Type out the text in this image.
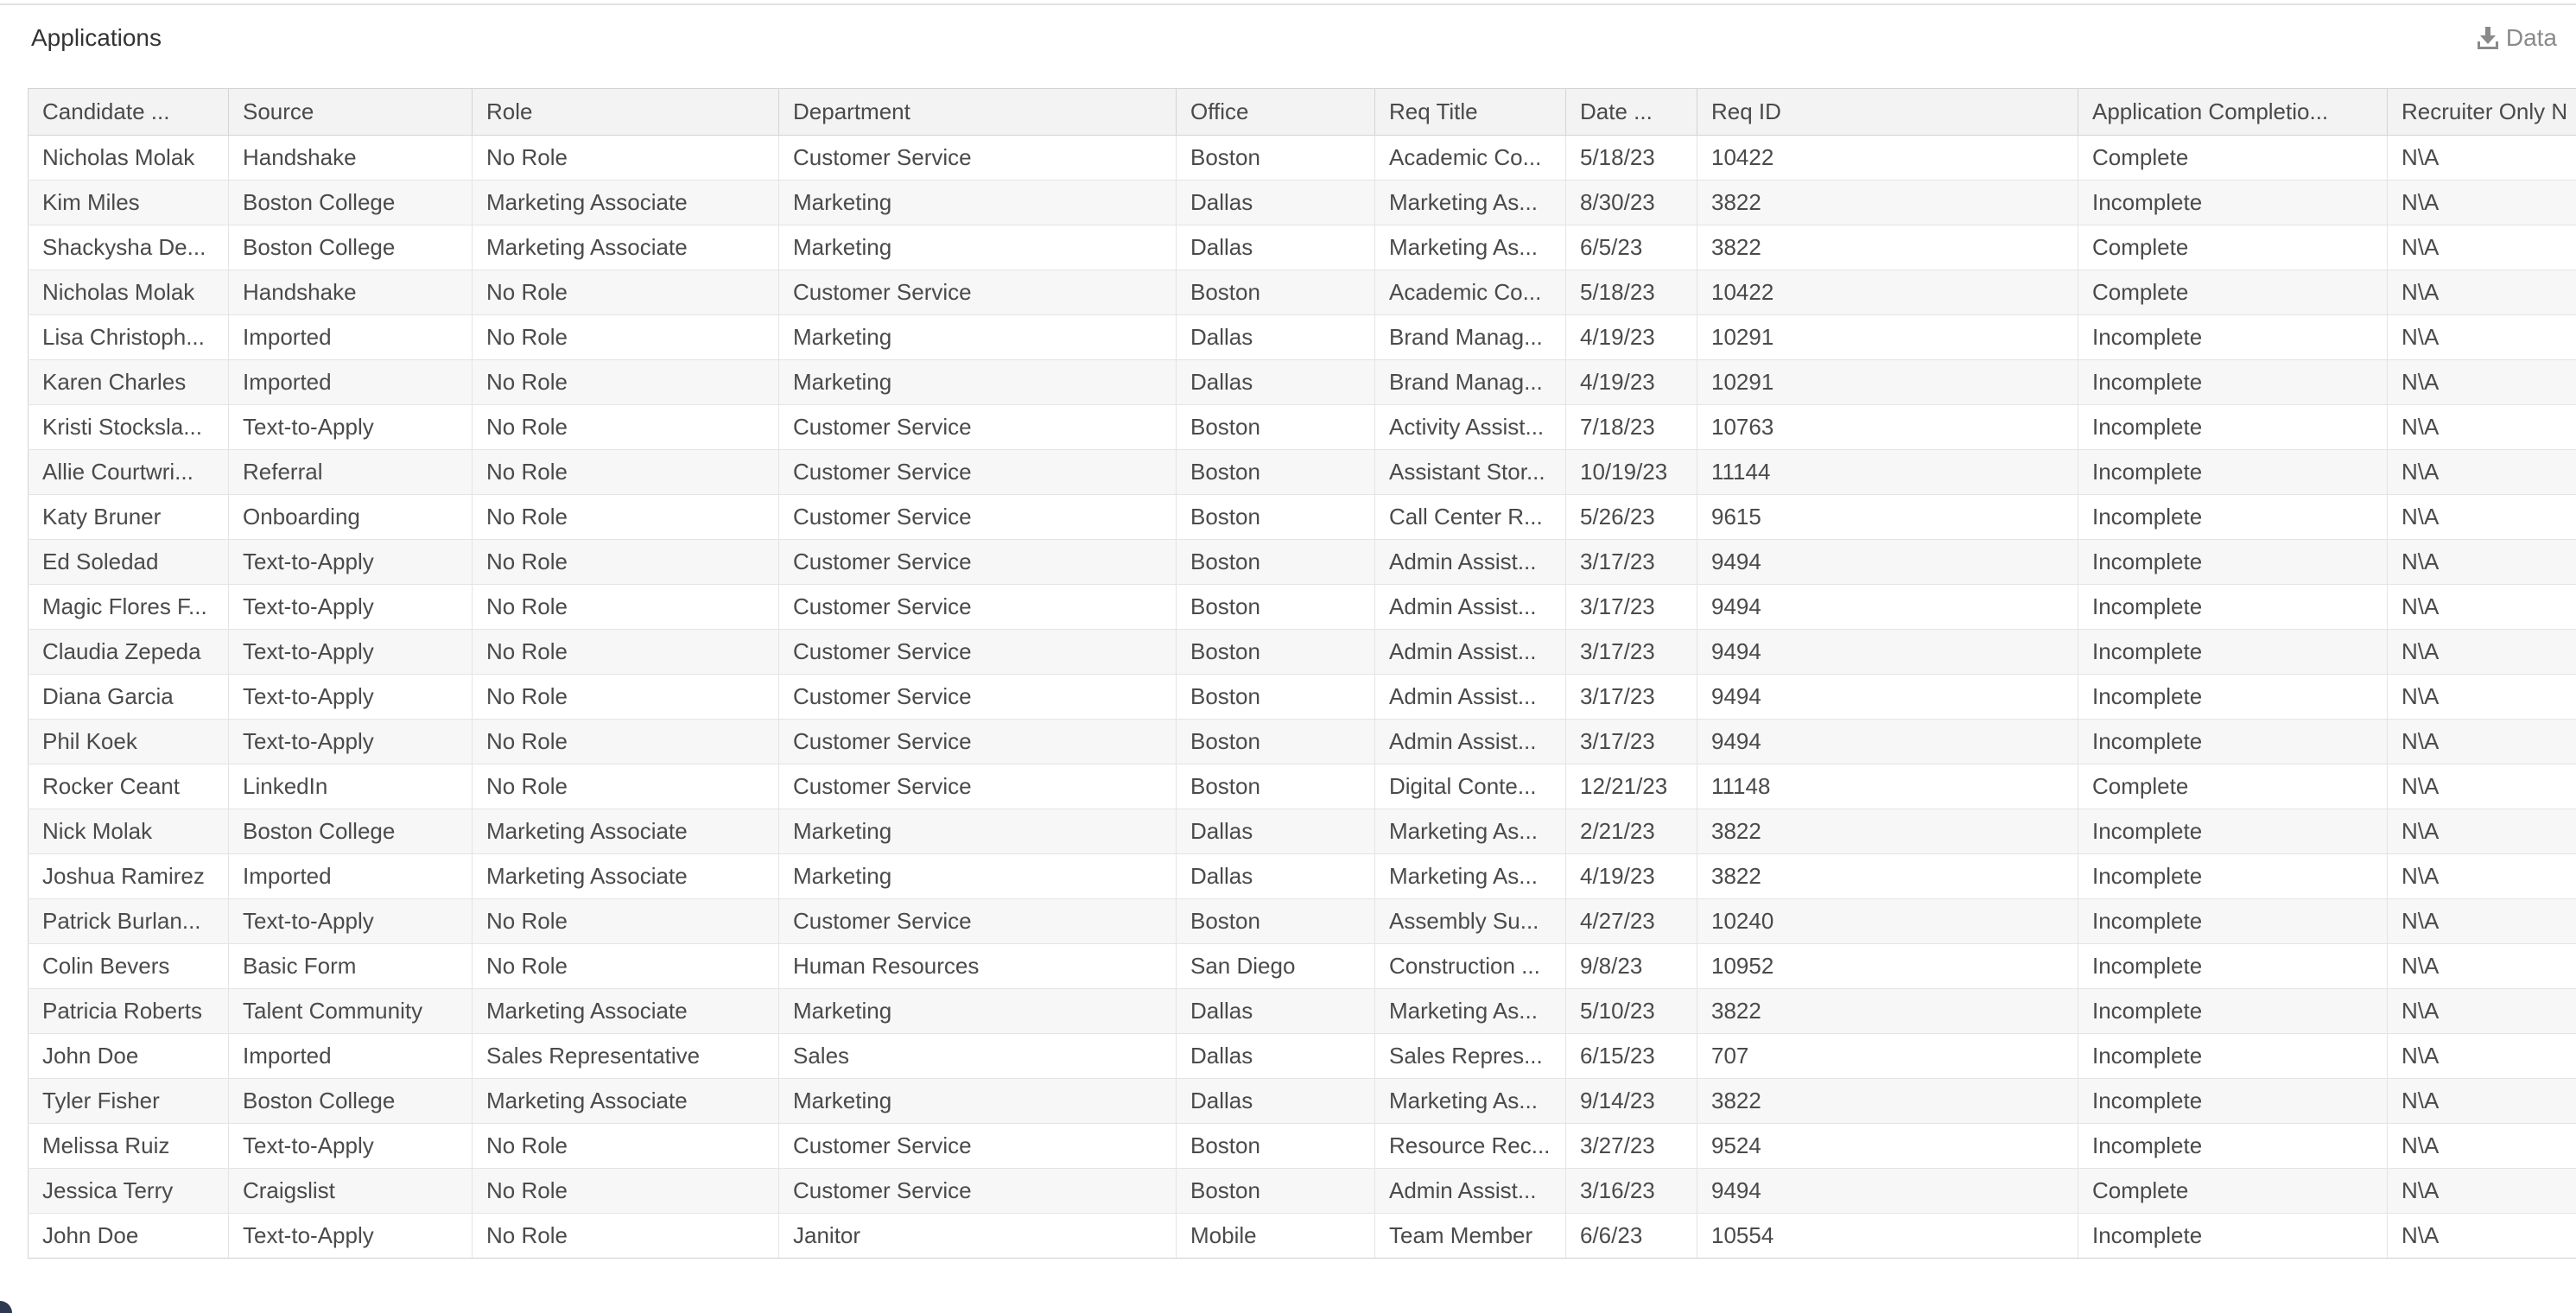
Applications	Data
Candidate ...	Source	Role	Department	Office	Req Title	Date ...	Req ID	Application Completio...	Recruiter Only N
Nicholas Molak	Handshake	No Role	Customer Service	Boston	Academic Co...	5/18/23	10422	Complete	N\A
Kim Miles	Boston College	Marketing Associate	Marketing	Dallas	Marketing As...	8/30/23	3822	Incomplete	N\A
Shackysha De...	Boston College	Marketing Associate	Marketing	Dallas	Marketing As...	6/5/23	3822	Complete	N\A
Nicholas Molak	Handshake	No Role	Customer Service	Boston	Academic Co...	5/18/23	10422	Complete	N\A
Lisa Christoph...	Imported	No Role	Marketing	Dallas	Brand Manag...	4/19/23	10291	Incomplete	N\A
Karen Charles	Imported	No Role	Marketing	Dallas	Brand Manag...	4/19/23	10291	Incomplete	N\A
Kristi Stocksla...	Text-to-Apply	No Role	Customer Service	Boston	Activity Assist...	7/18/23	10763	Incomplete	N\A
Allie Courtwri...	Referral	No Role	Customer Service	Boston	Assistant Stor...	10/19/23	11144	Incomplete	N\A
Katy Bruner	Onboarding	No Role	Customer Service	Boston	Call Center R...	5/26/23	9615	Incomplete	N\A
Ed Soledad	Text-to-Apply	No Role	Customer Service	Boston	Admin Assist...	3/17/23	9494	Incomplete	N\A
Magic Flores F...	Text-to-Apply	No Role	Customer Service	Boston	Admin Assist...	3/17/23	9494	Incomplete	N\A
Claudia Zepeda	Text-to-Apply	No Role	Customer Service	Boston	Admin Assist...	3/17/23	9494	Incomplete	N\A
Diana Garcia	Text-to-Apply	No Role	Customer Service	Boston	Admin Assist...	3/17/23	9494	Incomplete	N\A
Phil Koek	Text-to-Apply	No Role	Customer Service	Boston	Admin Assist...	3/17/23	9494	Incomplete	N\A
Rocker Ceant	LinkedIn	No Role	Customer Service	Boston	Digital Conte...	12/21/23	11148	Complete	N\A
Nick Molak	Boston College	Marketing Associate	Marketing	Dallas	Marketing As...	2/21/23	3822	Incomplete	N\A
Joshua Ramirez	Imported	Marketing Associate	Marketing	Dallas	Marketing As...	4/19/23	3822	Incomplete	N\A
Patrick Burlan...	Text-to-Apply	No Role	Customer Service	Boston	Assembly Su...	4/27/23	10240	Incomplete	N\A
Colin Bevers	Basic Form	No Role	Human Resources	San Diego	Construction ...	9/8/23	10952	Incomplete	N\A
Patricia Roberts	Talent Community	Marketing Associate	Marketing	Dallas	Marketing As...	5/10/23	3822	Incomplete	N\A
John Doe	Imported	Sales Representative	Sales	Dallas	Sales Repres...	6/15/23	707	Incomplete	N\A
Tyler Fisher	Boston College	Marketing Associate	Marketing	Dallas	Marketing As...	9/14/23	3822	Incomplete	N\A
Melissa Ruiz	Text-to-Apply	No Role	Customer Service	Boston	Resource Rec...	3/27/23	9524	Incomplete	N\A
Jessica Terry	Craigslist	No Role	Customer Service	Boston	Admin Assist...	3/16/23	9494	Complete	N\A
John Doe	Text-to-Apply	No Role	Janitor	Mobile	Team Member	6/6/23	10554	Incomplete	N\A
